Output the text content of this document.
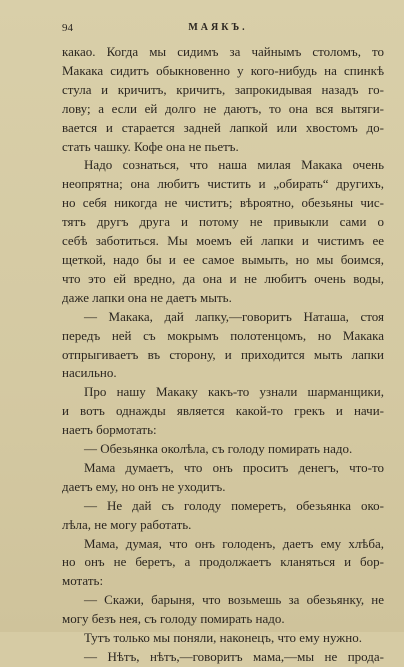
94	МАЯКЪ.
какао. Когда мы сидимъ за чайнымъ столомъ, то
Макака сидитъ обыкновенно у кого-нибудь на спинкѣ
стула и кричитъ, кричитъ, запрокидывая назадъ го-
лову; а если ей долго не даютъ, то она вся вытяги-
вается и старается задней лапкой или хвостомъ до-
стать чашку. Кофе она не пьетъ.
Надо сознаться, что наша милая Макака очень
неопрятна; она любитъ чистить и „обирать“ другихъ,
но себя никогда не чиститъ; вѣроятно, обезьяны чис-
тятъ другъ друга и потому не привыкли сами о
себѣ заботиться. Мы моемъ ей лапки и чистимъ ее
щеткой, надо бы и ее самое вымыть, но мы боимся,
что это ей вредно, да она и не любитъ очень воды,
даже лапки она не даетъ мыть.
— Макака, дай лапку,—говоритъ Наташа, стоя
передъ ней съ мокрымъ полотенцомъ, но Макака
отпрыгиваетъ въ сторону, и приходится мыть лапки
насильно.
Про нашу Макаку какъ-то узнали шарманщики,
и вотъ однажды является какой-то грекъ и начи-
наетъ бормотать:
— Обезьянка околѣла, съ голоду помирать надо.
Мама думаетъ, что онъ проситъ денегъ, что-то
даетъ ему, но онъ не уходитъ.
— Не дай съ голоду померетъ, обезьянка око-
лѣла, не могу работать.
Мама, думая, что онъ голоденъ, даетъ ему хлѣба,
но онъ не беретъ, а продолжаетъ кланяться и бор-
мотать:
— Скажи, барыня, что возьмешь за обезьянку, не
могу безъ нея, съ голоду помирать надо.
Тутъ только мы поняли, наконецъ, что ему нужно.
— Нѣтъ, нѣтъ,—говоритъ мама,—мы не прода-
